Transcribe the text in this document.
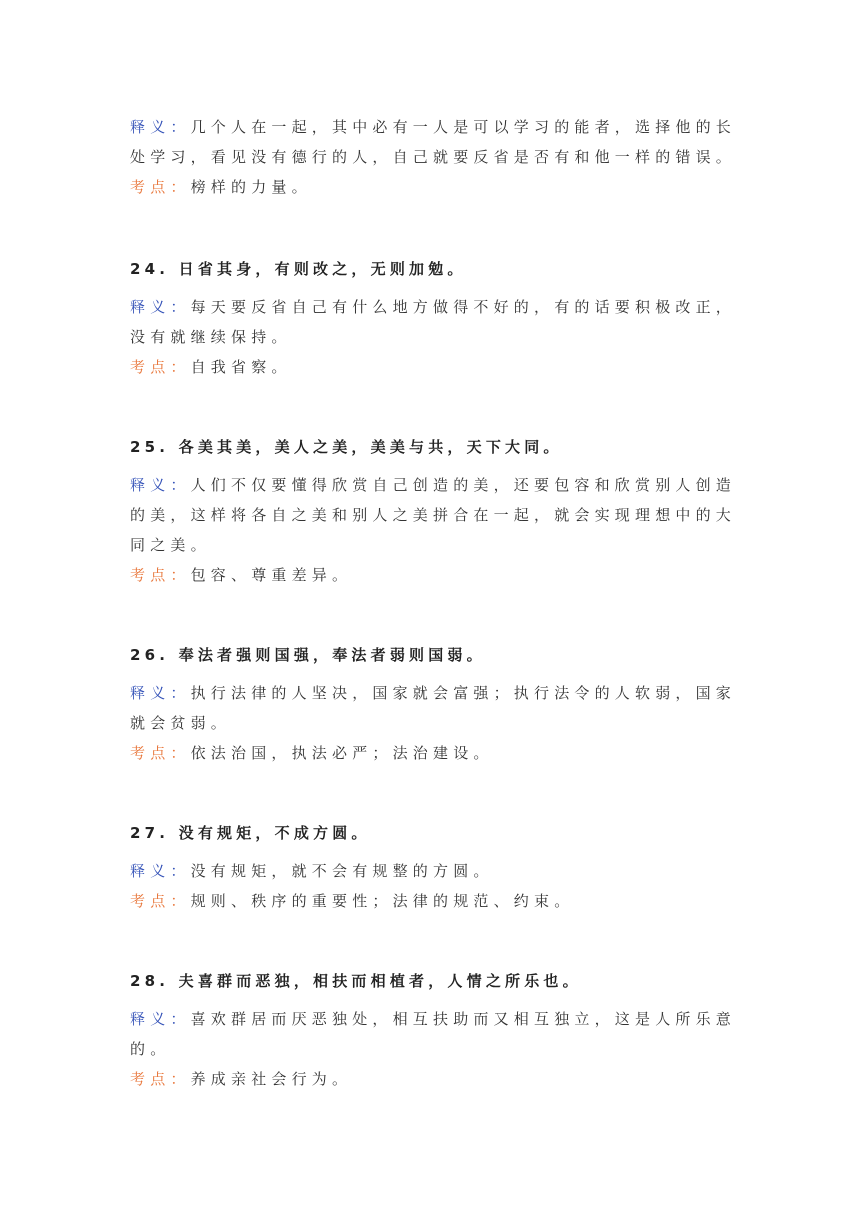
释义：几个人在一起，其中必有一人是可以学习的能者，选择他的长

处学习，看见没有德行的人，自己就要反省是否有和他一样的错误。

考点：榜样的力量。

24. 日省其身，有则改之，无则加勉。

释义：每天要反省自己有什么地方做得不好的，有的话要积极改正，

没有就继续保持。

考点：自我省察。

25. 各美其美，美人之美，美美与共，天下大同。

释义：人们不仅要懂得欣赏自己创造的美，还要包容和欣赏别人创造

的美，这样将各自之美和别人之美拼合在一起，就会实现理想中的大

同之美。

考点：包容、尊重差异。

26. 奉法者强则国强，奉法者弱则国弱。

释义：执行法律的人坚决，国家就会富强；执行法令的人软弱，国家

就会贫弱。

考点：依法治国，执法必严；法治建设。

27. 没有规矩，不成方圆。

释义：没有规矩，就不会有规整的方圆。

考点：规则、秩序的重要性；法律的规范、约束。

28. 夫喜群而恶独，相扶而相植者，人情之所乐也。

释义：喜欢群居而厌恶独处，相互扶助而又相互独立，这是人所乐意

的。

考点：养成亲社会行为。
